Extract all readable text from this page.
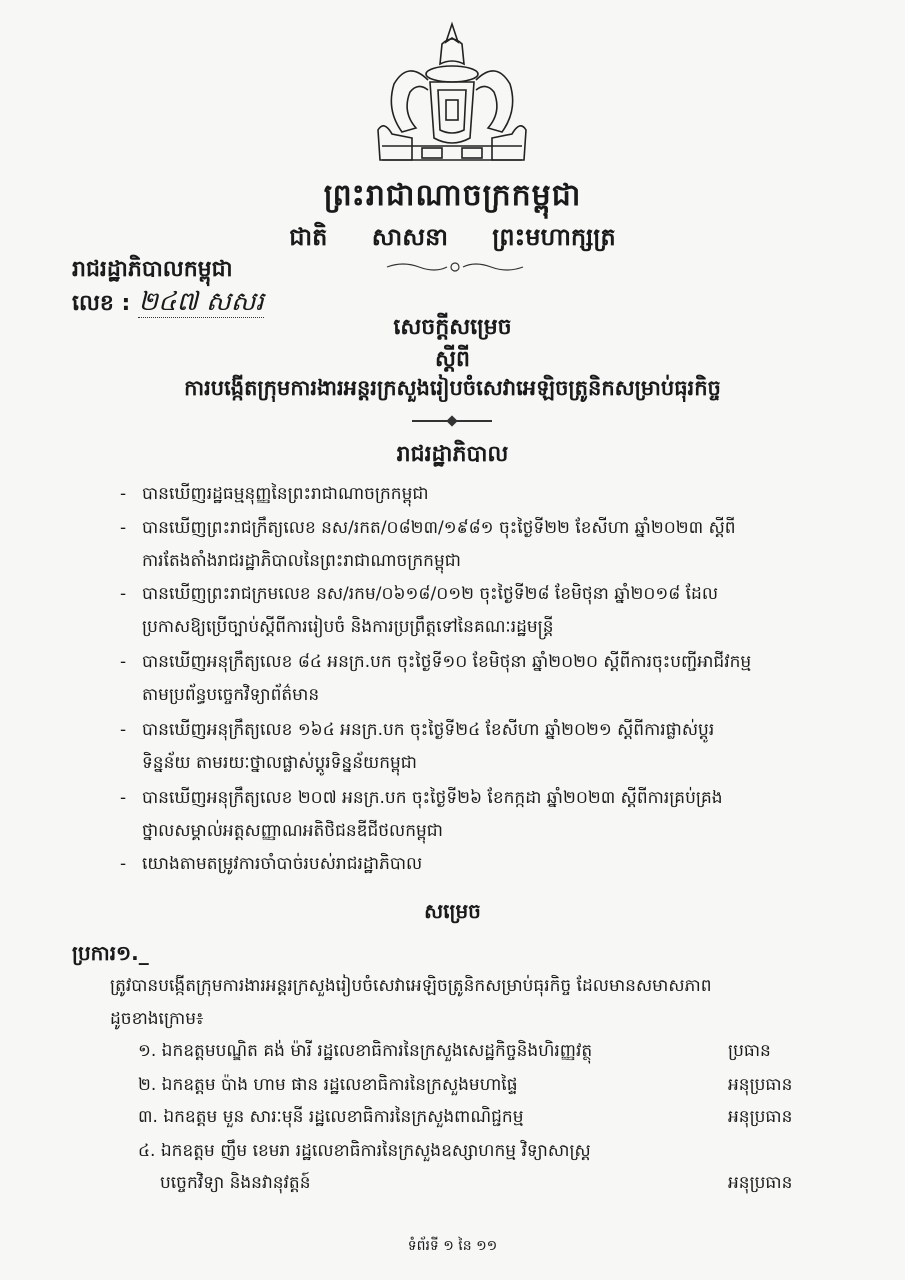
ព្រះរាជាណាចក្រកម្ពុជា
ជាតិ សាសនា ព្រះមហាក្សត្រ
រាជរដ្ឋាភិបាលកម្ពុជា
លេខ : ២៤៧ សសរ
សេចក្តីសម្រេច
ស្តីពី
ការបង្កើតក្រុមការងារអន្តរក្រសួងរៀបចំសេវាអេឡិចត្រូនិកសម្រាប់ធុរកិច្ច
រាជរដ្ឋាភិបាល
- បានឃើញរដ្ឋធម្មនុញ្ញនៃព្រះរាជាណាចក្រកម្ពុជា
- បានឃើញព្រះរាជក្រឹត្យលេខ នស/រកត/០៨២៣/១៩៨១ ចុះថ្ងៃទី២២ ខែសីហា ឆ្នាំ២០២៣ ស្តីពី
ការតែងតាំងរាជរដ្ឋាភិបាលនៃព្រះរាជាណាចក្រកម្ពុជា
- បានឃើញព្រះរាជក្រមលេខ នស/រកម/០៦១៨/០១២ ចុះថ្ងៃទី២៨ ខែមិថុនា ឆ្នាំ២០១៨ ដែល
ប្រកាសឱ្យប្រើច្បាប់ស្តីពីការរៀបចំ និងការប្រព្រឹត្តទៅនៃគណៈរដ្ឋមន្ត្រី
- បានឃើញអនុក្រឹត្យលេខ ៨៤ អនក្រ.បក ចុះថ្ងៃទី១០ ខែមិថុនា ឆ្នាំ២០២០ ស្តីពីការចុះបញ្ជីអាជីវកម្ម
តាមប្រព័ន្ធបច្ចេកវិទ្យាព័ត៌មាន
- បានឃើញអនុក្រឹត្យលេខ ១៦៤ អនក្រ.បក ចុះថ្ងៃទី២៤ ខែសីហា ឆ្នាំ២០២១ ស្តីពីការផ្លាស់ប្តូរ
ទិន្នន័យ តាមរយៈថ្នាលផ្លាស់ប្តូរទិន្នន័យកម្ពុជា
- បានឃើញអនុក្រឹត្យលេខ ២០៧ អនក្រ.បក ចុះថ្ងៃទី២៦ ខែកក្កដា ឆ្នាំ២០២៣ ស្តីពីការគ្រប់គ្រង
ថ្នាលសម្គាល់អត្តសញ្ញាណអតិថិជនឌីជីថលកម្ពុជា
- យោងតាមតម្រូវការចាំបាច់របស់រាជរដ្ឋាភិបាល
សម្រេច
ប្រការ១._
ត្រូវបានបង្កើតក្រុមការងារអន្តរក្រសួងរៀបចំសេវាអេឡិចត្រូនិកសម្រាប់ធុរកិច្ច ដែលមានសមាសភាព
ដូចខាងក្រោម៖
១. ឯកឧត្តមបណ្ឌិត គង់ ម៉ារី រដ្ឋលេខាធិការនៃក្រសួងសេដ្ឋកិច្ចនិងហិរញ្ញវត្ថុ	ប្រធាន
២. ឯកឧត្តម ប៉ាង ហាម ផាន រដ្ឋលេខាធិការនៃក្រសួងមហាផ្ទៃ	អនុប្រធាន
៣. ឯកឧត្តម មួន សារៈមុនី រដ្ឋលេខាធិការនៃក្រសួងពាណិជ្ជកម្ម	អនុប្រធាន
៤. ឯកឧត្តម ញឹម ខេមរា រដ្ឋលេខាធិការនៃក្រសួងឧស្សាហកម្ម វិទ្យាសាស្ត្រ
បច្ចេកវិទ្យា និងនវានុវត្តន៍	អនុប្រធាន
ទំព័រទី ១ នៃ ១១
